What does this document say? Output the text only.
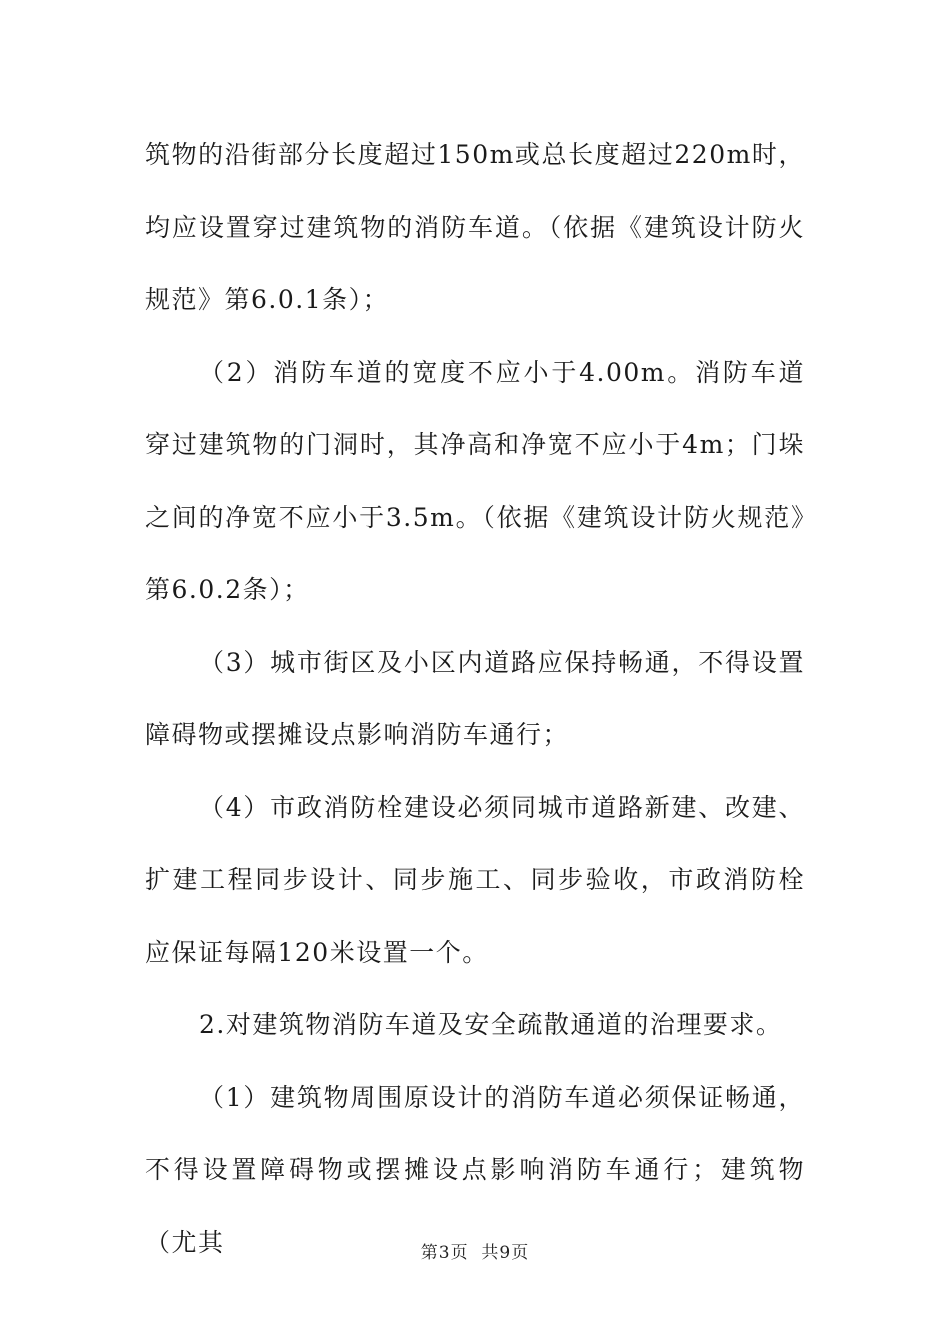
筑物的沿街部分长度超过150m或总长度超过220m时，均应设置穿过建筑物的消防车道。（依据《建筑设计防火规范》第6.0.1条）；

（2）消防车道的宽度不应小于4.00m。消防车道穿过建筑物的门洞时，其净高和净宽不应小于4m；门垛之间的净宽不应小于3.5m。（依据《建筑设计防火规范》第6.0.2条）；

（3）城市街区及小区内道路应保持畅通，不得设置障碍物或摆摊设点影响消防车通行；

（4）市政消防栓建设必须同城市道路新建、改建、扩建工程同步设计、同步施工、同步验收，市政消防栓应保证每隔120米设置一个。

2.对建筑物消防车道及安全疏散通道的治理要求。

（1）建筑物周围原设计的消防车道必须保证畅通，不得设置障碍物或摆摊设点影响消防车通行；建筑物（尤其	第3页  共9页
